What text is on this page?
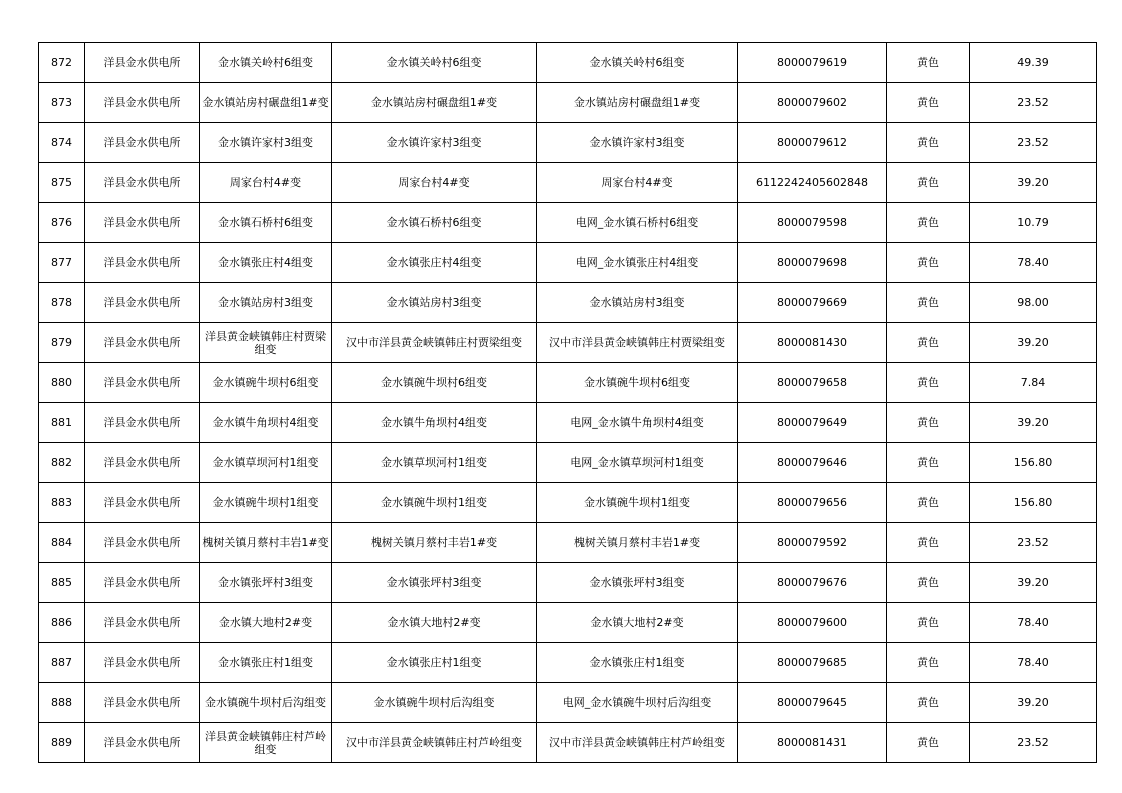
872	洋县金水供电所	金水镇关岭村6组变	金水镇关岭村6组变	金水镇关岭村6组变	8000079619	黄色	49.39
873	洋县金水供电所	金水镇站房村碾盘组1#变	金水镇站房村碾盘组1#变	金水镇站房村碾盘组1#变	8000079602	黄色	23.52
874	洋县金水供电所	金水镇许家村3组变	金水镇许家村3组变	金水镇许家村3组变	8000079612	黄色	23.52
875	洋县金水供电所	周家台村4#变	周家台村4#变	周家台村4#变	6112242405602848	黄色	39.20
876	洋县金水供电所	金水镇石桥村6组变	金水镇石桥村6组变	电网_金水镇石桥村6组变	8000079598	黄色	10.79
877	洋县金水供电所	金水镇张庄村4组变	金水镇张庄村4组变	电网_金水镇张庄村4组变	8000079698	黄色	78.40
878	洋县金水供电所	金水镇站房村3组变	金水镇站房村3组变	金水镇站房村3组变	8000079669	黄色	98.00
879	洋县金水供电所	洋县黄金峡镇韩庄村贾梁组变	汉中市洋县黄金峡镇韩庄村贾梁组变	汉中市洋县黄金峡镇韩庄村贾梁组变	8000081430	黄色	39.20
880	洋县金水供电所	金水镇碗牛坝村6组变	金水镇碗牛坝村6组变	金水镇碗牛坝村6组变	8000079658	黄色	7.84
881	洋县金水供电所	金水镇牛角坝村4组变	金水镇牛角坝村4组变	电网_金水镇牛角坝村4组变	8000079649	黄色	39.20
882	洋县金水供电所	金水镇草坝河村1组变	金水镇草坝河村1组变	电网_金水镇草坝河村1组变	8000079646	黄色	156.80
883	洋县金水供电所	金水镇碗牛坝村1组变	金水镇碗牛坝村1组变	金水镇碗牛坝村1组变	8000079656	黄色	156.80
884	洋县金水供电所	槐树关镇月蔡村丰岩1#变	槐树关镇月蔡村丰岩1#变	槐树关镇月蔡村丰岩1#变	8000079592	黄色	23.52
885	洋县金水供电所	金水镇张坪村3组变	金水镇张坪村3组变	金水镇张坪村3组变	8000079676	黄色	39.20
886	洋县金水供电所	金水镇大地村2#变	金水镇大地村2#变	金水镇大地村2#变	8000079600	黄色	78.40
887	洋县金水供电所	金水镇张庄村1组变	金水镇张庄村1组变	金水镇张庄村1组变	8000079685	黄色	78.40
888	洋县金水供电所	金水镇碗牛坝村后沟组变	金水镇碗牛坝村后沟组变	电网_金水镇碗牛坝村后沟组变	8000079645	黄色	39.20
889	洋县金水供电所	洋县黄金峡镇韩庄村芦岭组变	汉中市洋县黄金峡镇韩庄村芦岭组变	汉中市洋县黄金峡镇韩庄村芦岭组变	8000081431	黄色	23.52
